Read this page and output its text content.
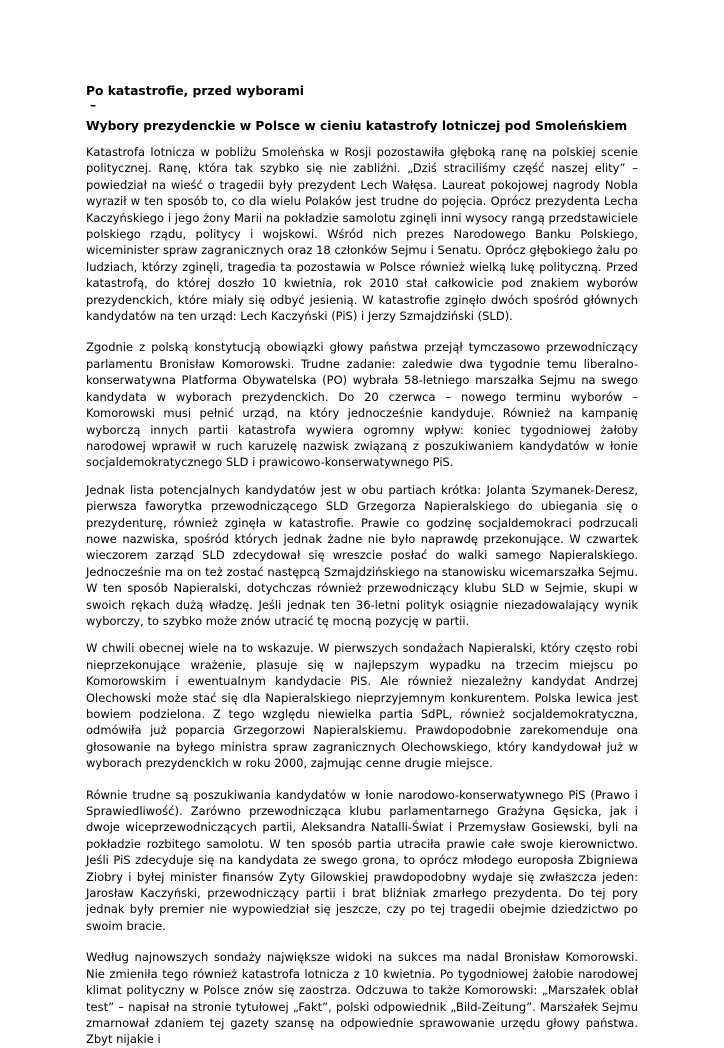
Po katastrofie, przed wyborami
–
Wybory prezydenckie w Polsce w cieniu katastrofy lotniczej pod Smoleńskiem

Katastrofa lotnicza w pobliżu Smoleńska w Rosji pozostawiła głęboką ranę na polskiej scenie politycznej. Ranę, która tak szybko się nie zabliźni. „Dziś straciliśmy część naszej elity” – powiedział na wieść o tragedii były prezydent Lech Wałęsa. Laureat pokojowej nagrody Nobla wyraził w ten sposób to, co dla wielu Polaków jest trudne do pojęcia. Oprócz prezydenta Lecha Kaczyńskiego i jego żony Marii na pokładzie samolotu zginęli inni wysocy rangą przedstawiciele polskiego rządu, politycy i wojskowi. Wśród nich prezes Narodowego Banku Polskiego, wiceminister spraw zagranicznych oraz 18 członków Sejmu i Senatu. Oprócz głębokiego żalu po ludziach, którzy zginęli, tragedia ta pozostawia w Polsce również wielką lukę polityczną. Przed katastrofą, do której doszło 10 kwietnia, rok 2010 stał całkowicie pod znakiem wyborów prezydenckich, które miały się odbyć jesienią. W katastrofie zginęło dwóch spośród głównych kandydatów na ten urząd: Lech Kaczyński (PiS) i Jerzy Szmajdziński (SLD).

Zgodnie z polską konstytucją obowiązki głowy państwa przejął tymczasowo przewodniczący parlamentu Bronisław Komorowski. Trudne zadanie: zaledwie dwa tygodnie temu liberalno-konserwatywna Platforma Obywatelska (PO) wybrała 58-letniego marszałka Sejmu na swego kandydata w wyborach prezydenckich. Do 20 czerwca – nowego terminu wyborów – Komorowski musi pełnić urząd, na który jednocześnie kandyduje. Również na kampanię wyborczą innych partii katastrofa wywiera ogromny wpływ: koniec tygodniowej żałoby narodowej wprawił w ruch karuzelę nazwisk związaną z poszukiwaniem kandydatów w łonie socjaldemokratycznego SLD i prawicowo-konserwatywnego PiS.

Jednak lista potencjalnych kandydatów jest w obu partiach krótka: Jolanta Szymanek-Deresz, pierwsza faworytka przewodniczącego SLD Grzegorza Napieralskiego do ubiegania się o prezydenturę, również zginęła w katastrofie. Prawie co godzinę socjaldemokraci podrzucali nowe nazwiska, spośród których jednak żadne nie było naprawdę przekonujące. W czwartek wieczorem zarząd SLD zdecydował się wreszcie posłać do walki samego Napieralskiego. Jednocześnie ma on też zostać następcą Szmajdzińskiego na stanowisku wicemarszałka Sejmu. W ten sposób Napieralski, dotychczas również przewodniczący klubu SLD w Sejmie, skupi w swoich rękach dużą władzę. Jeśli jednak ten 36-letni polityk osiągnie niezadowalający wynik wyborczy, to szybko może znów utracić tę mocną pozycję w partii.

W chwili obecnej wiele na to wskazuje. W pierwszych sondażach Napieralski, który często robi nieprzekonujące wrażenie, plasuje się w najlepszym wypadku na trzecim miejscu po Komorowskim i ewentualnym kandydacie PiS. Ale również niezależny kandydat Andrzej Olechowski może stać się dla Napieralskiego nieprzyjemnym konkurentem. Polska lewica jest bowiem podzielona. Z tego względu niewielka partia SdPL, również socjaldemokratyczna, odmówiła już poparcia Grzegorzowi Napieralskiemu. Prawdopodobnie zarekomenduje ona głosowanie na byłego ministra spraw zagranicznych Olechowskiego, który kandydował już w wyborach prezydenckich w roku 2000, zajmując cenne drugie miejsce.

Równie trudne są poszukiwania kandydatów w łonie narodowo-konserwatywnego PiS (Prawo i Sprawiedliwość). Zarówno przewodnicząca klubu parlamentarnego Grażyna Gęsicka, jak i dwoje wiceprzewodniczących partii, Aleksandra Natalli-Świat i Przemysław Gosiewski, byli na pokładzie rozbitego samolotu. W ten sposób partia utraciła prawie całe swoje kierownictwo. Jeśli PiS zdecyduje się na kandydata ze swego grona, to oprócz młodego europosła Zbigniewa Ziobry i byłej minister finansów Zyty Gilowskiej prawdopodobny wydaje się zwłaszcza jeden: Jarosław Kaczyński, przewodniczący partii i brat bliźniak zmarłego prezydenta. Do tej pory jednak były premier nie wypowiedział się jeszcze, czy po tej tragedii obejmie dziedzictwo po swoim bracie.

Według najnowszych sondaży największe widoki na sukces ma nadal Bronisław Komorowski. Nie zmieniła tego również katastrofa lotnicza z 10 kwietnia. Po tygodniowej żałobie narodowej klimat polityczny w Polsce znów się zaostrza. Odczuwa to także Komorowski: „Marszałek oblał test” – napisał na stronie tytułowej „Fakt”, polski odpowiednik „Bild-Zeitung”. Marszałek Sejmu zmarnował zdaniem tej gazety szansę na odpowiednie sprawowanie urzędu głowy państwa. Zbyt nijakie i
